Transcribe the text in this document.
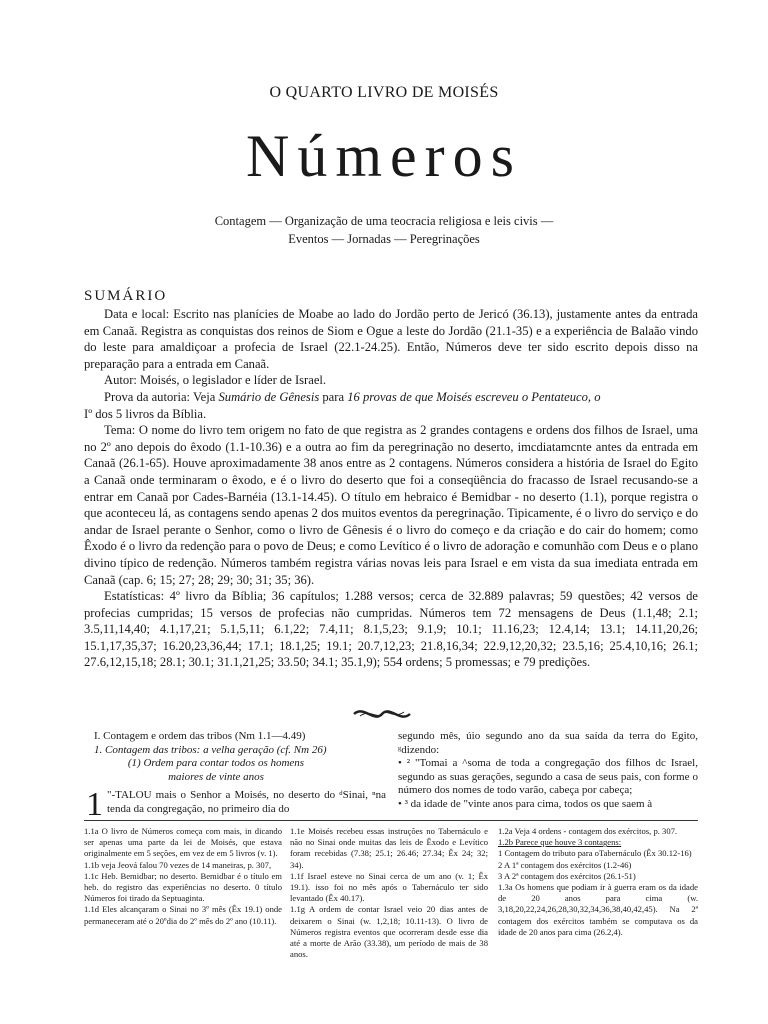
O QUARTO LIVRO DE MOISÉS
Números
Contagem — Organização de uma teocracia religiosa e leis civis —
Eventos — Jornadas — Peregrinações
SUMÁRIO

Data e local: Escrito nas planícies de Moabe ao lado do Jordão perto de Jericó (36.13), justamente antes da entrada em Canaã. Registra as conquistas dos reinos de Siom e Ogue a leste do Jordão (21.1-35) e a experiência de Balaão vindo do leste para amaldiçoar a profecia de Israel (22.1-24.25). Então, Números deve ter sido escrito depois disso na preparação para a entrada em Canaã.

Autor: Moisés, o legislador e líder de Israel.

Prova da autoria: Veja Sumário de Gênesis para 16 provas de que Moisés escreveu o Pentateuco, o

Iº dos 5 livros da Bíblia.

Tema: O nome do livro tem origem no fato de que registra as 2 grandes contagens e ordens dos filhos de Israel, uma no 2º ano depois do êxodo (1.1-10.36) e a outra ao fim da peregrinação no deserto, imcdiatamcnte antes da entrada em Canaã (26.1-65). Houve aproximadamente 38 anos entre as 2 contagens. Números considera a história de Israel do Egito a Canaã onde terminaram o êxodo, e é o livro do deserto que foi a conseqüência do fracasso de Israel recusando-se a entrar em Canaã por Cades-Barnéia (13.1-14.45). O título em hebraico é Bemidbar - no deserto (1.1), porque registra o que aconteceu lá, as contagens sendo apenas 2 dos muitos eventos da peregrinação. Tipicamente, é o livro do serviço e do andar de Israel perante o Senhor, como o livro de Gênesis é o livro do começo e da criação e do cair do homem; como Êxodo é o livro da redenção para o povo de Deus; e como Levítico é o livro de adoração e comunhão com Deus e o plano divino típico de redenção. Números também registra várias novas leis para Israel e em vista da sua imediata entrada em Canaã (cap. 6; 15; 27; 28; 29; 30; 31; 35; 36).

Estatísticas: 4º livro da Bíblia; 36 capítulos; 1.288 versos; cerca de 32.889 palavras; 59 questões; 42 versos de profecias cumpridas; 15 versos de profecias não cumpridas. Números tem 72 mensagens de Deus (1.1,48; 2.1; 3.5,11,14,40; 4.1,17,21; 5.1,5,11; 6.1,22; 7.4,11; 8.1,5,23; 9.1,9; 10.1; 11.16,23; 12.4,14; 13.1; 14.11,20,26; 15.1,17,35,37; 16.20,23,36,44; 17.1; 18.1,25; 19.1; 20.7,12,23; 21.8,16,34; 22.9,12,20,32; 23.5,16; 25.4,10,16; 26.1; 27.6,12,15,18; 28.1; 30.1; 31.1,21,25; 33.50; 34.1; 35.1,9); 554 ordens; 5 promessas; e 79 predições.

I. Contagem e ordem das tribos (Nm 1.1—4.49)
1. Contagem das tribos: a velha geração (cf. Nm 26)
(1) Ordem para contar todos os homens
maiores de vinte anos
1 "-TALOU mais o Senhor a Moisés, no deserto do ᵈSinai, ⁿna tenda da congregação, no primeiro dia do

segundo mês, úio segundo ano da sua saída da terra do Egito, ᵍdizendo:

• ² "Tomai a ^soma de toda a congregação dos filhos dc Israel, segundo as suas gerações, segundo a casa de seus pais, con forme o número dos nomes de todo varão, cabeça por cabeça;

• ³ da idade de "vinte anos para cima, todos os que saem à

1.1a O livro de Números começa com mais, in dicando ser apenas uma parte da lei de Moisés, que estava originalmente em 5 seções, em vez de em 5 livros (v. 1).

1.1b veja Jeová falou 70 vezes de 14 maneiras, p. 307,

1.1c Heb. Bemidbar; no deserto. Bemidbar é o título em heb. do registro das experiências no deserto. 0 título Números foi tirado da Septuaginta.

1.1d Eles alcançaram o Sinai no 3º mês (Êx 19.1) onde permaneceram até o 20ºdia do 2º mês do 2º ano (10.11).

1.1e Moisés recebeu essas instruções no Tabernáculo e não no Sinai onde muitas das leis de Êxodo e Levítico foram recebidas (7.38; 25.1; 26.46; 27.34; Êx 24; 32; 34).

1.1f Israel esteve no Sinai cerca de um ano (v. 1; Êx 19.1). isso foi no mês após o Tabernáculo ter sido levantado (Êx 40.17).

1.1g A ordem de contar Israel veio 20 dias antes de deixarem o Sinai (w. 1,2,18; 10.11-13). O livro de Números registra eventos que ocorreram desde esse dia até a morte de Arão (33.38), um período de mais de 38 anos.

1.2a Veja 4 ordens - contagem dos exércitos, p. 307.

1.2b Parece que houve 3 contagens:

1 Contagem do tributo para oTabernáculo (Êx 30.12-16)

2 A 1ª contagem dos exércitos (1.2-46)

3 A 2ª contagem dos exércitos (26.1-51)

1.3a Os homens que podiam ir à guerra eram os da idade de 20 anos para cima (w. 3,18,20,22,24,26,28,30,32,34,36,38,40,42,45). Na 2ª contagem dos exércitos também se computava os da idade de 20 anos para cima (26.2,4).
